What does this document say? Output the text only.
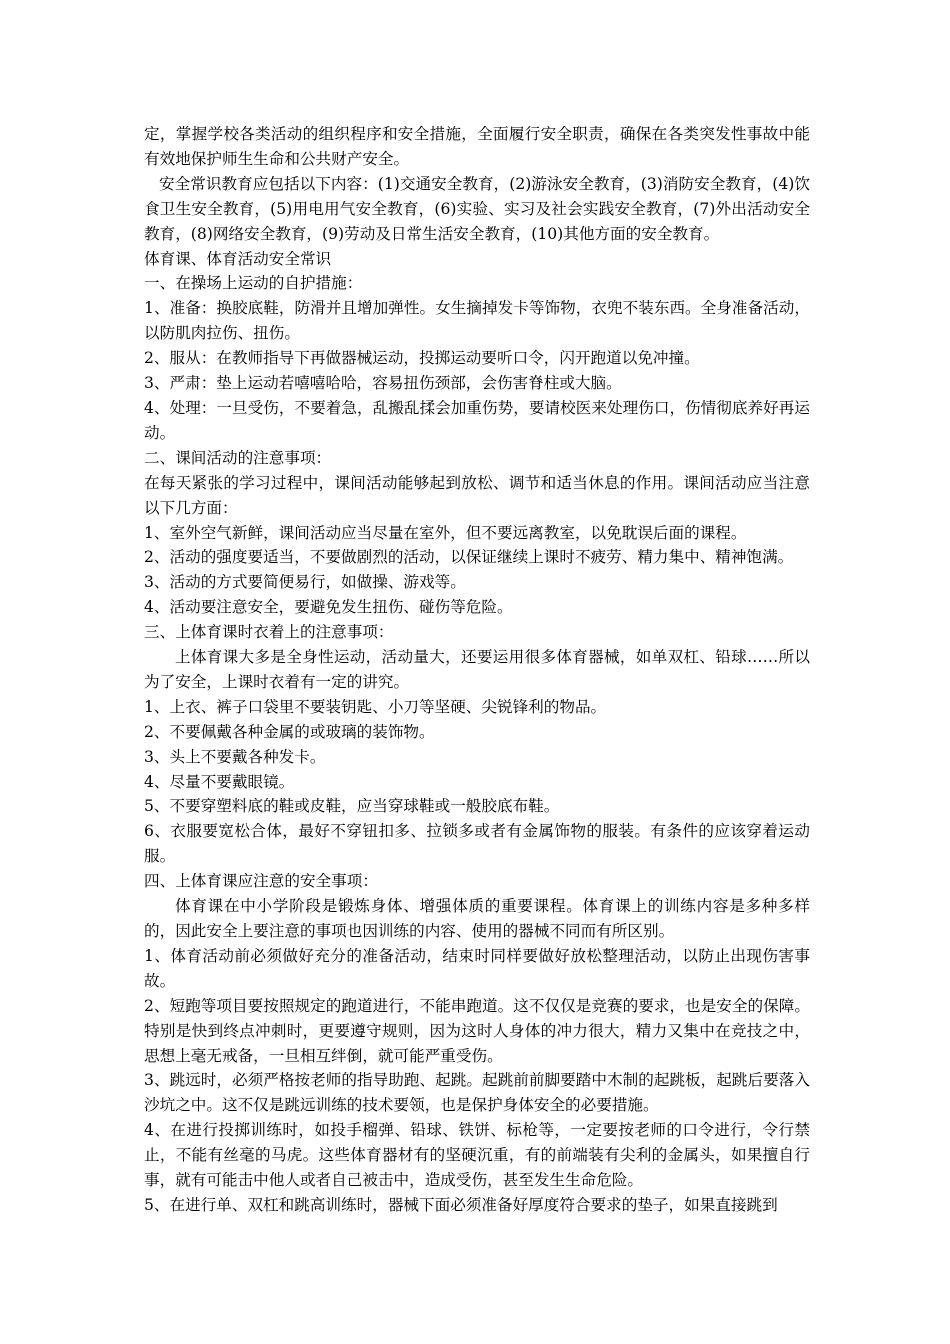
定，掌握学校各类活动的组织程序和安全措施，全面履行安全职责，确保在各类突发性事故中能有效地保护师生生命和公共财产安全。

安全常识教育应包括以下内容：(1)交通安全教育，(2)游泳安全教育，(3)消防安全教育，(4)饮食卫生安全教育，(5)用电用气安全教育，(6)实验、实习及社会实践安全教育，(7)外出活动安全教育，(8)网络安全教育，(9)劳动及日常生活安全教育，(10)其他方面的安全教育。

体育课、体育活动安全常识

一、在操场上运动的自护措施：

1、准备：换胶底鞋，防滑并且增加弹性。女生摘掉发卡等饰物，衣兜不装东西。全身准备活动，以防肌肉拉伤、扭伤。

2、服从：在教师指导下再做器械运动，投掷运动要听口令，闪开跑道以免冲撞。

3、严肃：垫上运动若嘻嘻哈哈，容易扭伤颈部，会伤害脊柱或大脑。

4、处理：一旦受伤，不要着急，乱搬乱揉会加重伤势，要请校医来处理伤口，伤情彻底养好再运动。

二、课间活动的注意事项：

在每天紧张的学习过程中，课间活动能够起到放松、调节和适当休息的作用。课间活动应当注意以下几方面：

1、室外空气新鲜，课间活动应当尽量在室外，但不要远离教室，以免耽误后面的课程。

2、活动的强度要适当，不要做剧烈的活动，以保证继续上课时不疲劳、精力集中、精神饱满。

3、活动的方式要简便易行，如做操、游戏等。

4、活动要注意安全，要避免发生扭伤、碰伤等危险。

三、上体育课时衣着上的注意事项：

上体育课大多是全身性运动，活动量大，还要运用很多体育器械，如单双杠、铅球……所以为了安全，上课时衣着有一定的讲究。

1、上衣、裤子口袋里不要装钥匙、小刀等坚硬、尖锐锋利的物品。

2、不要佩戴各种金属的或玻璃的装饰物。

3、头上不要戴各种发卡。

4、尽量不要戴眼镜。

5、不要穿塑料底的鞋或皮鞋，应当穿球鞋或一般胶底布鞋。

6、衣服要宽松合体，最好不穿钮扣多、拉锁多或者有金属饰物的服装。有条件的应该穿着运动服。

四、上体育课应注意的安全事项：

体育课在中小学阶段是锻炼身体、增强体质的重要课程。体育课上的训练内容是多种多样的，因此安全上要注意的事项也因训练的内容、使用的器械不同而有所区别。

1、体育活动前必须做好充分的准备活动，结束时同样要做好放松整理活动，以防止出现伤害事故。

2、短跑等项目要按照规定的跑道进行，不能串跑道。这不仅仅是竞赛的要求，也是安全的保障。特别是快到终点冲刺时，更要遵守规则，因为这时人身体的冲力很大，精力又集中在竞技之中，思想上毫无戒备，一旦相互绊倒，就可能严重受伤。

3、跳远时，必须严格按老师的指导助跑、起跳。起跳前前脚要踏中木制的起跳板，起跳后要落入沙坑之中。这不仅是跳远训练的技术要领，也是保护身体安全的必要措施。

4、在进行投掷训练时，如投手榴弹、铅球、铁饼、标枪等，一定要按老师的口令进行，令行禁止，不能有丝毫的马虎。这些体育器材有的坚硬沉重，有的前端装有尖利的金属头，如果擅自行事，就有可能击中他人或者自己被击中，造成受伤，甚至发生生命危险。

5、在进行单、双杠和跳高训练时，器械下面必须准备好厚度符合要求的垫子，如果直接跳到
